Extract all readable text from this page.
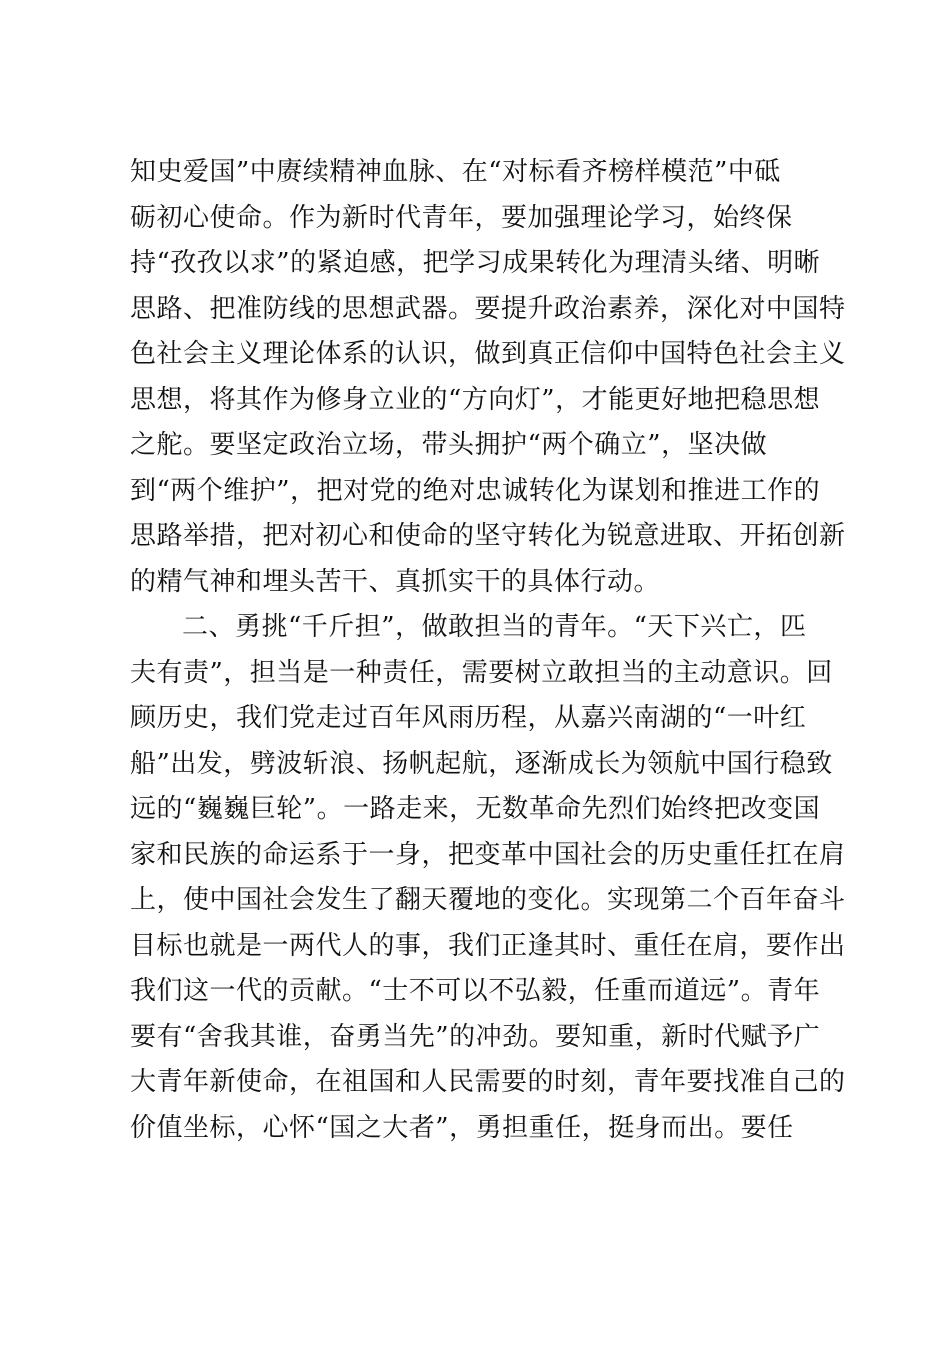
知史爱国”中赓续精神血脉、在“对标看齐榜样模范”中砥
砺初心使命。作为新时代青年，要加强理论学习，始终保
持“孜孜以求”的紧迫感，把学习成果转化为理清头绪、明晰
思路、把准防线的思想武器。要提升政治素养，深化对中国特
色社会主义理论体系的认识，做到真正信仰中国特色社会主义
思想，将其作为修身立业的“方向灯”，才能更好地把稳思想
之舵。要坚定政治立场，带头拥护“两个确立”，坚决做
到“两个维护”，把对党的绝对忠诚转化为谋划和推进工作的
思路举措，把对初心和使命的坚守转化为锐意进取、开拓创新
的精气神和埋头苦干、真抓实干的具体行动。
二、勇挑“千斤担”，做敢担当的青年。“天下兴亡，匹
夫有责”，担当是一种责任，需要树立敢担当的主动意识。回
顾历史，我们党走过百年风雨历程，从嘉兴南湖的“一叶红
船”出发，劈波斩浪、扬帆起航，逐渐成长为领航中国行稳致
远的“巍巍巨轮”。一路走来，无数革命先烈们始终把改变国
家和民族的命运系于一身，把变革中国社会的历史重任扛在肩
上，使中国社会发生了翻天覆地的变化。实现第二个百年奋斗
目标也就是一两代人的事，我们正逢其时、重任在肩，要作出
我们这一代的贡献。“士不可以不弘毅，任重而道远”。青年
要有“舍我其谁，奋勇当先”的冲劲。要知重，新时代赋予广
大青年新使命，在祖国和人民需要的时刻，青年要找准自己的
价值坐标，心怀“国之大者”，勇担重任，挺身而出。要任
